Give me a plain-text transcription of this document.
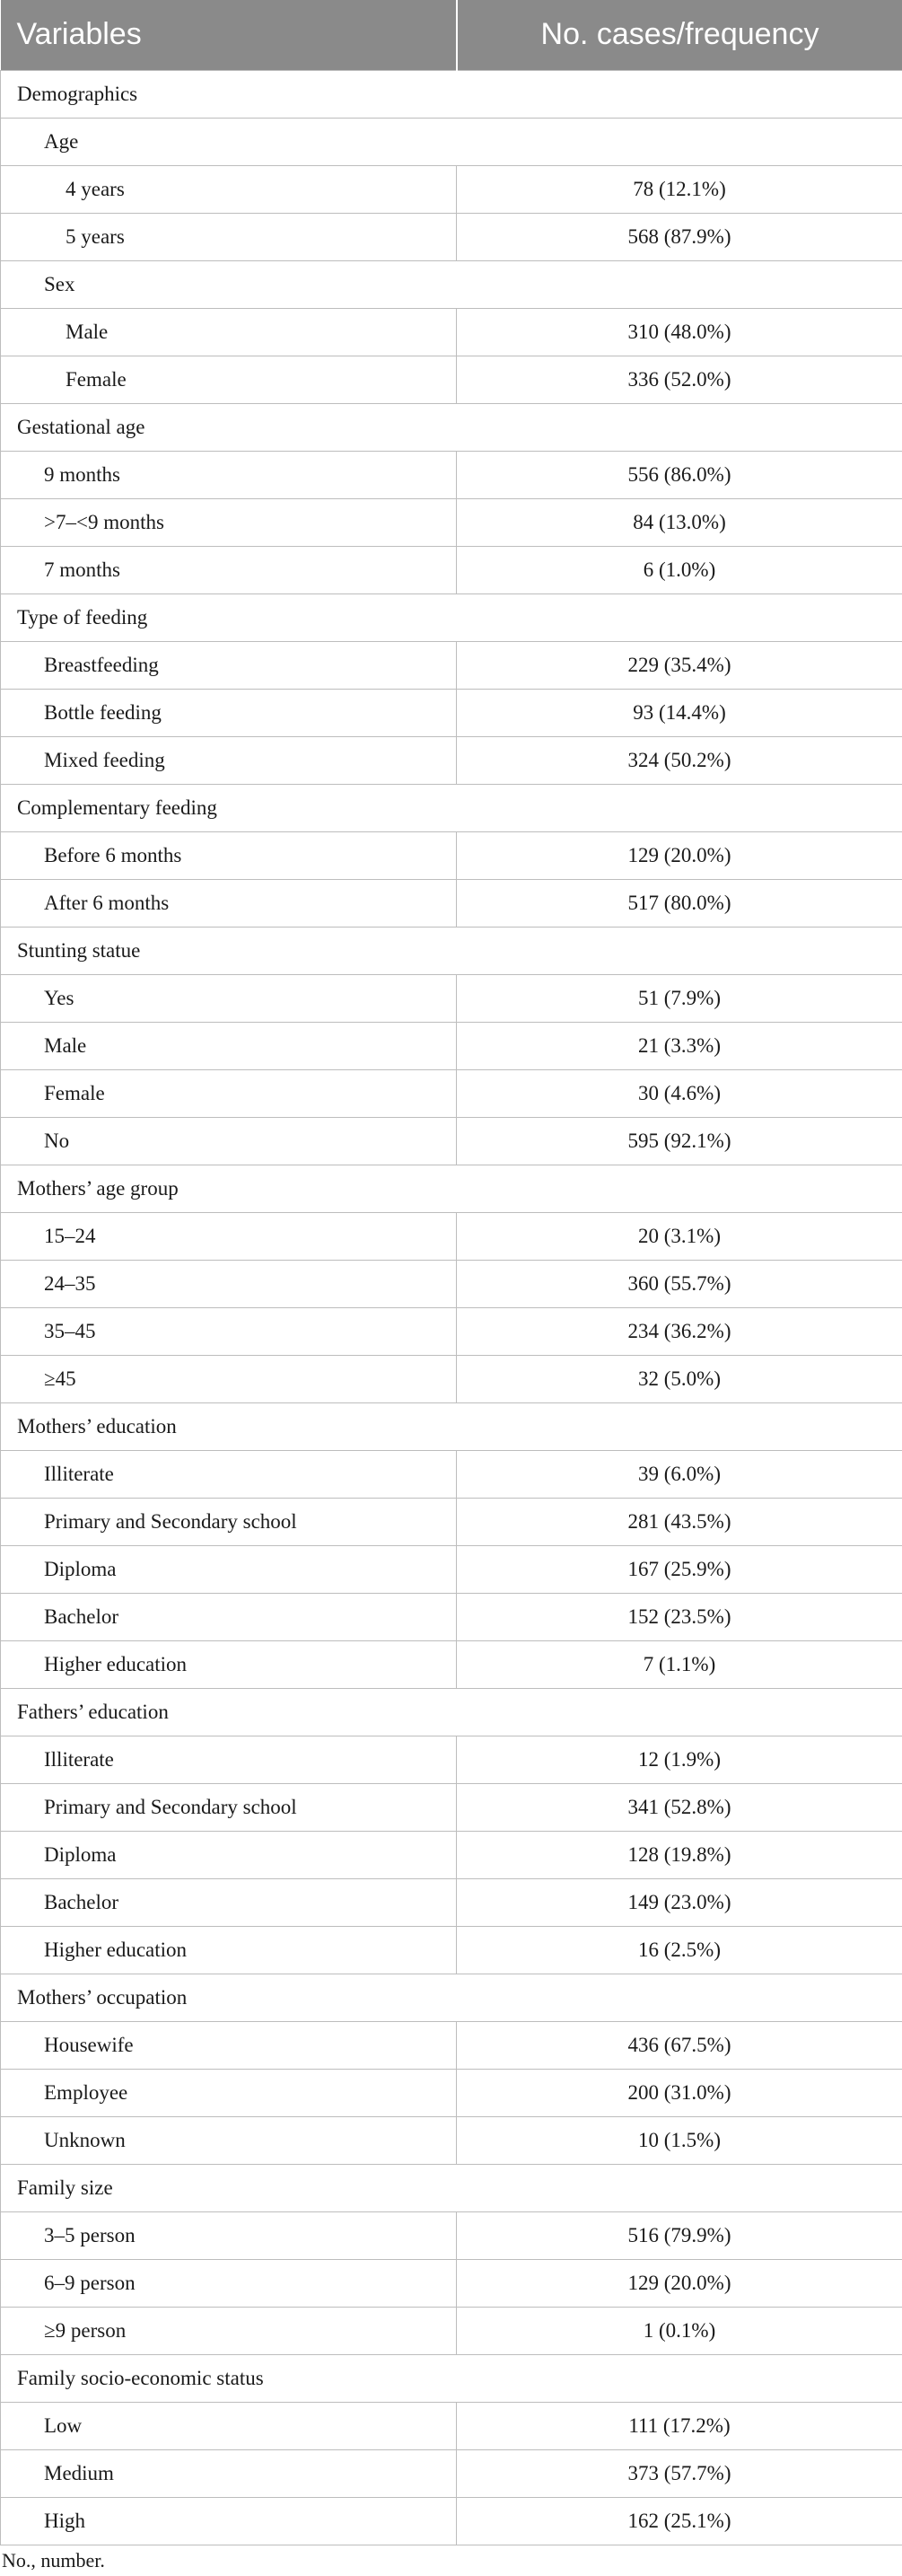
Variables	No. cases/frequency
Demographics	
Age	
4 years	78 (12.1%)
5 years	568 (87.9%)
Sex	
Male	310 (48.0%)
Female	336 (52.0%)
Gestational age	
9 months	556 (86.0%)
>7–<9 months	84 (13.0%)
7 months	6 (1.0%)
Type of feeding	
Breastfeeding	229 (35.4%)
Bottle feeding	93 (14.4%)
Mixed feeding	324 (50.2%)
Complementary feeding	
Before 6 months	129 (20.0%)
After 6 months	517 (80.0%)
Stunting statue	
Yes	51 (7.9%)
Male	21 (3.3%)
Female	30 (4.6%)
No	595 (92.1%)
Mothers’ age group	
15–24	20 (3.1%)
24–35	360 (55.7%)
35–45	234 (36.2%)
≥45	32 (5.0%)
Mothers’ education	
Illiterate	39 (6.0%)
Primary and Secondary school	281 (43.5%)
Diploma	167 (25.9%)
Bachelor	152 (23.5%)
Higher education	7 (1.1%)
Fathers’ education	
Illiterate	12 (1.9%)
Primary and Secondary school	341 (52.8%)
Diploma	128 (19.8%)
Bachelor	149 (23.0%)
Higher education	16 (2.5%)
Mothers’ occupation	
Housewife	436 (67.5%)
Employee	200 (31.0%)
Unknown	10 (1.5%)
Family size	
3–5 person	516 (79.9%)
6–9 person	129 (20.0%)
≥9 person	1 (0.1%)
Family socio-economic status	
Low	111 (17.2%)
Medium	373 (57.7%)
High	162 (25.1%)
No., number.
